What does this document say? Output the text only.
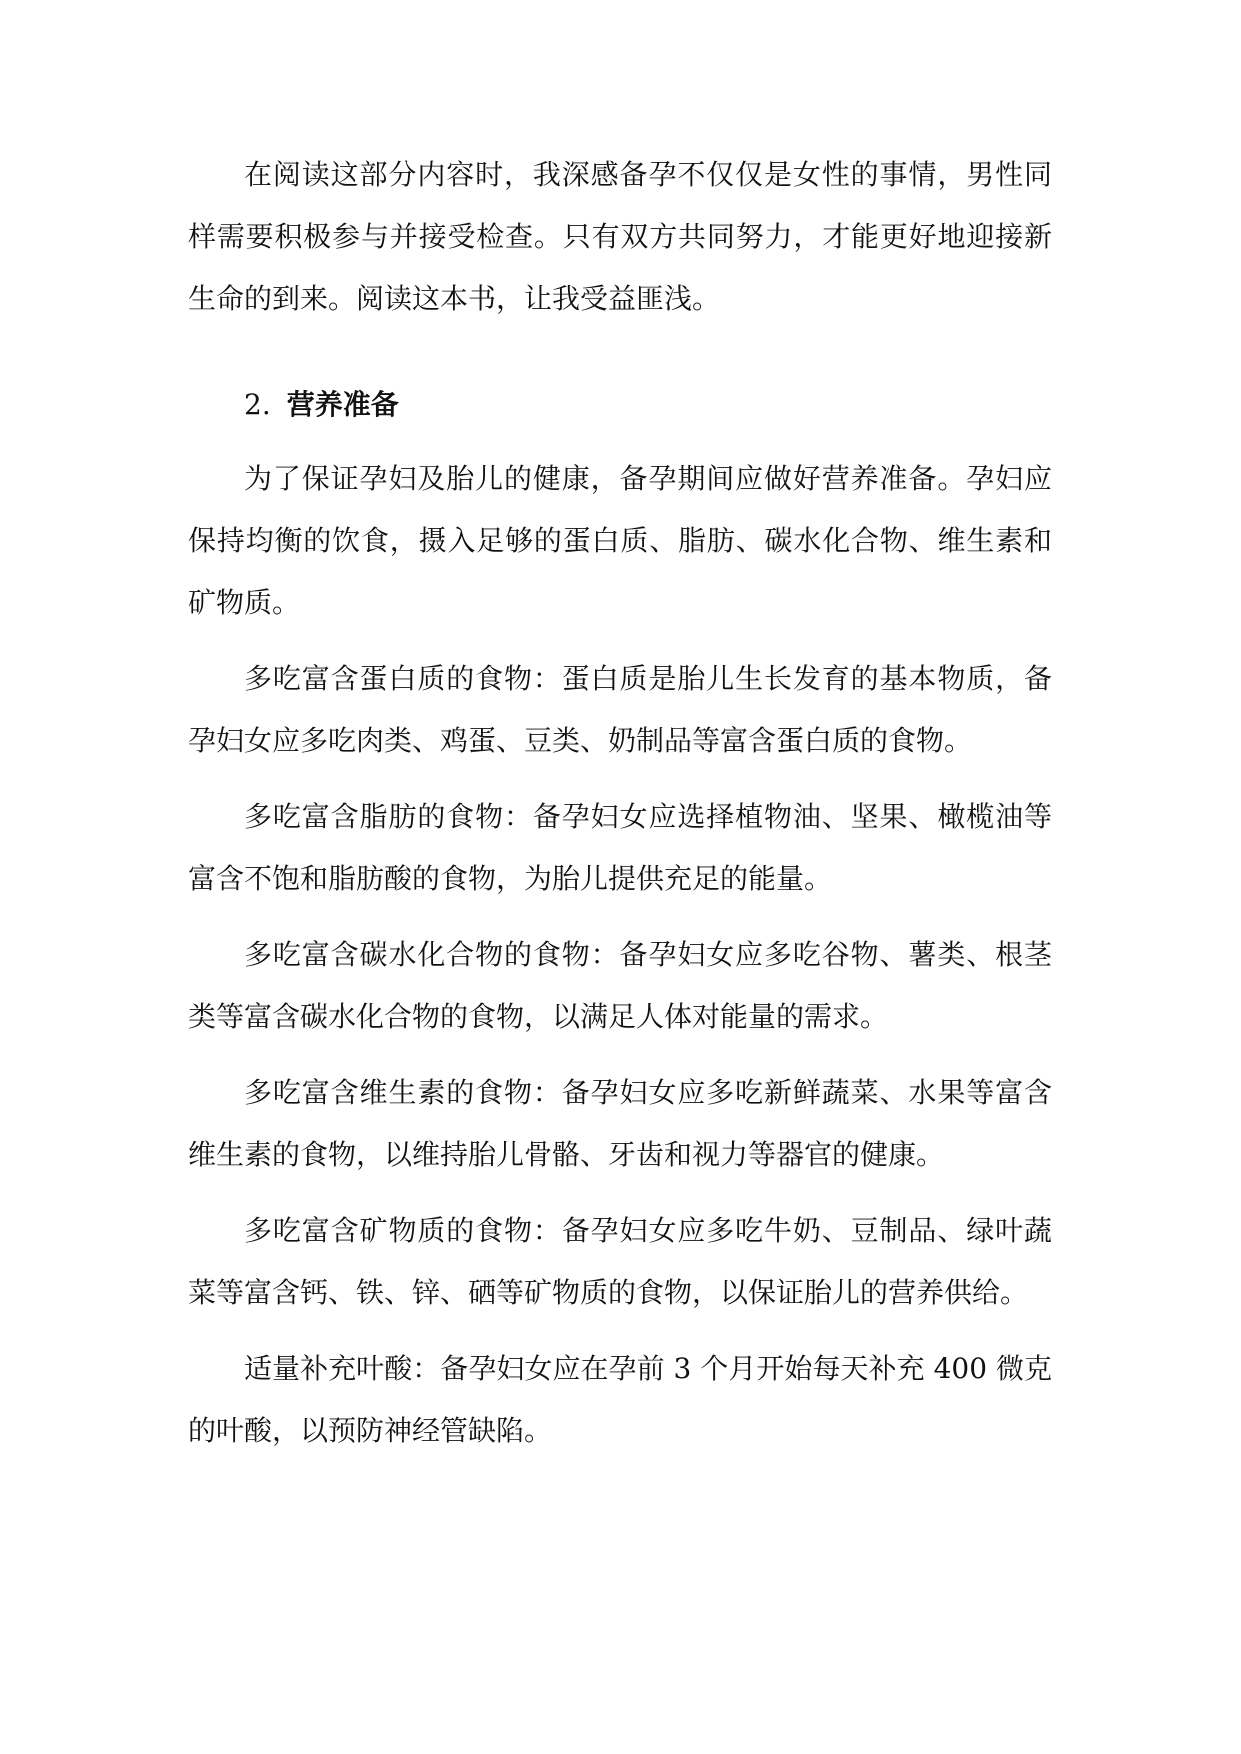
在阅读这部分内容时，我深感备孕不仅仅是女性的事情，男性同样需要积极参与并接受检查。只有双方共同努力，才能更好地迎接新生命的到来。阅读这本书，让我受益匪浅。

2. 营养准备

为了保证孕妇及胎儿的健康，备孕期间应做好营养准备。孕妇应保持均衡的饮食，摄入足够的蛋白质、脂肪、碳水化合物、维生素和矿物质。

多吃富含蛋白质的食物：蛋白质是胎儿生长发育的基本物质，备孕妇女应多吃肉类、鸡蛋、豆类、奶制品等富含蛋白质的食物。

多吃富含脂肪的食物：备孕妇女应选择植物油、坚果、橄榄油等富含不饱和脂肪酸的食物，为胎儿提供充足的能量。

多吃富含碳水化合物的食物：备孕妇女应多吃谷物、薯类、根茎类等富含碳水化合物的食物，以满足人体对能量的需求。

多吃富含维生素的食物：备孕妇女应多吃新鲜蔬菜、水果等富含维生素的食物，以维持胎儿骨骼、牙齿和视力等器官的健康。

多吃富含矿物质的食物：备孕妇女应多吃牛奶、豆制品、绿叶蔬菜等富含钙、铁、锌、硒等矿物质的食物，以保证胎儿的营养供给。

适量补充叶酸：备孕妇女应在孕前 3 个月开始每天补充 400 微克的叶酸，以预防神经管缺陷。
